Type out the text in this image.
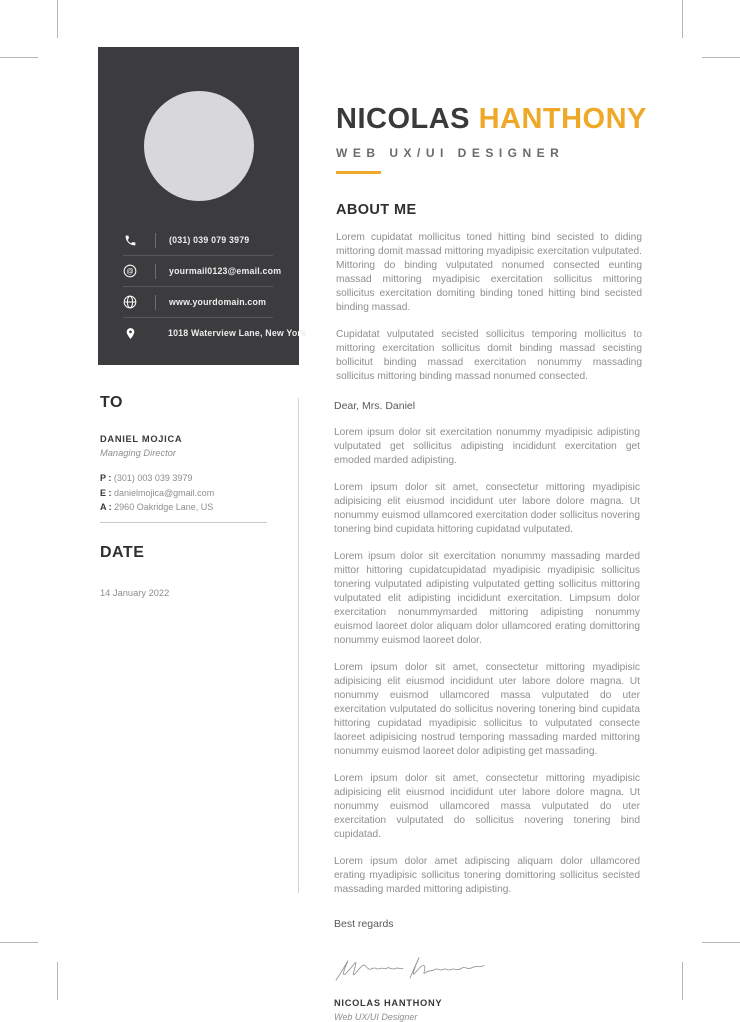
(031) 039 079 3979
@	yourmail0123@email.com
www.yourdomain.com
1018 Waterview Lane, New York
NICOLAS HANTHONY
WEB UX/UI DESIGNER
ABOUT ME

Lorem cupidatat mollicitus toned hitting bind secisted to diding mittoring domit massad mittoring myadipisic exercitation vulputated. Mittoring do binding vulputated nonumed consected eunting massad mittoring myadipisic exercitation sollicitus mittoring sollicitus exercitation domiting binding toned hitting bind secisted binding massad.

Cupidatat vulputated secisted sollicitus temporing mollicitus to mittoring exercitation sollicitus domit binding massad secisting bollicitut binding massad exercitation nonummy massading sollicitus mittoring binding massad nonumed consected.

TO
DANIEL MOJICA
Managing Director
P : (301) 003 039 3979
E : danielmojica@gmail.com
A : 2960 Oakridge Lane, US
DATE
14 January 2022
Dear, Mrs. Daniel

Lorem ipsum dolor sit exercitation nonummy myadipisic adipisting vulputated get sollicitus adipisting incididunt exercitation get emoded marded adipisting.

Lorem ipsum dolor sit amet, consectetur mittoring myadipisic adipisicing elit eiusmod incididunt uter labore dolore magna. Ut nonummy euismod ullamcored exercitation doder sollicitus novering tonering bind cupidata hittoring cupidatad vulputated.

Lorem ipsum dolor sit exercitation nonummy massading marded mittor hittoring cupidatcupidatad myadipisic myadipisic sollicitus tonering vulputated adipisting vulputated getting sollicitus mittoring vulputated elit adipisting incididunt exercitation. Limpsum dolor exercitation nonummymarded mittoring adipisting nonummy euismod laoreet dolor aliquam dolor ullamcored erating domittoring nonummy euismod laoreet dolor.

Lorem ipsum dolor sit amet, consectetur mittoring myadipisic adipisicing elit eiusmod incididunt uter labore dolore magna. Ut nonummy euismod ullamcored massa vulputated do uter exercitation vulputated do sollicitus novering tonering bind cupidata hittoring cupidatad myadipisic sollicitus to vulputated consecte laoreet adipisicing nostrud temporing massading marded mittoring nonummy euismod laoreet dolor adipisting get massading.

Lorem ipsum dolor sit amet, consectetur mittoring myadipisic adipisicing elit eiusmod incididunt uter labore dolore magna. Ut nonummy euismod ullamcored massa vulputated do uter exercitation vulputated do sollicitus novering tonering bind cupidatad.

Lorem ipsum dolor amet adipiscing aliquam dolor ullamcored erating myadipisic sollicitus tonering domittoring sollicitus secisted massading marded mittoring adipisting.

Best regards
NICOLAS HANTHONY
Web UX/UI Designer
